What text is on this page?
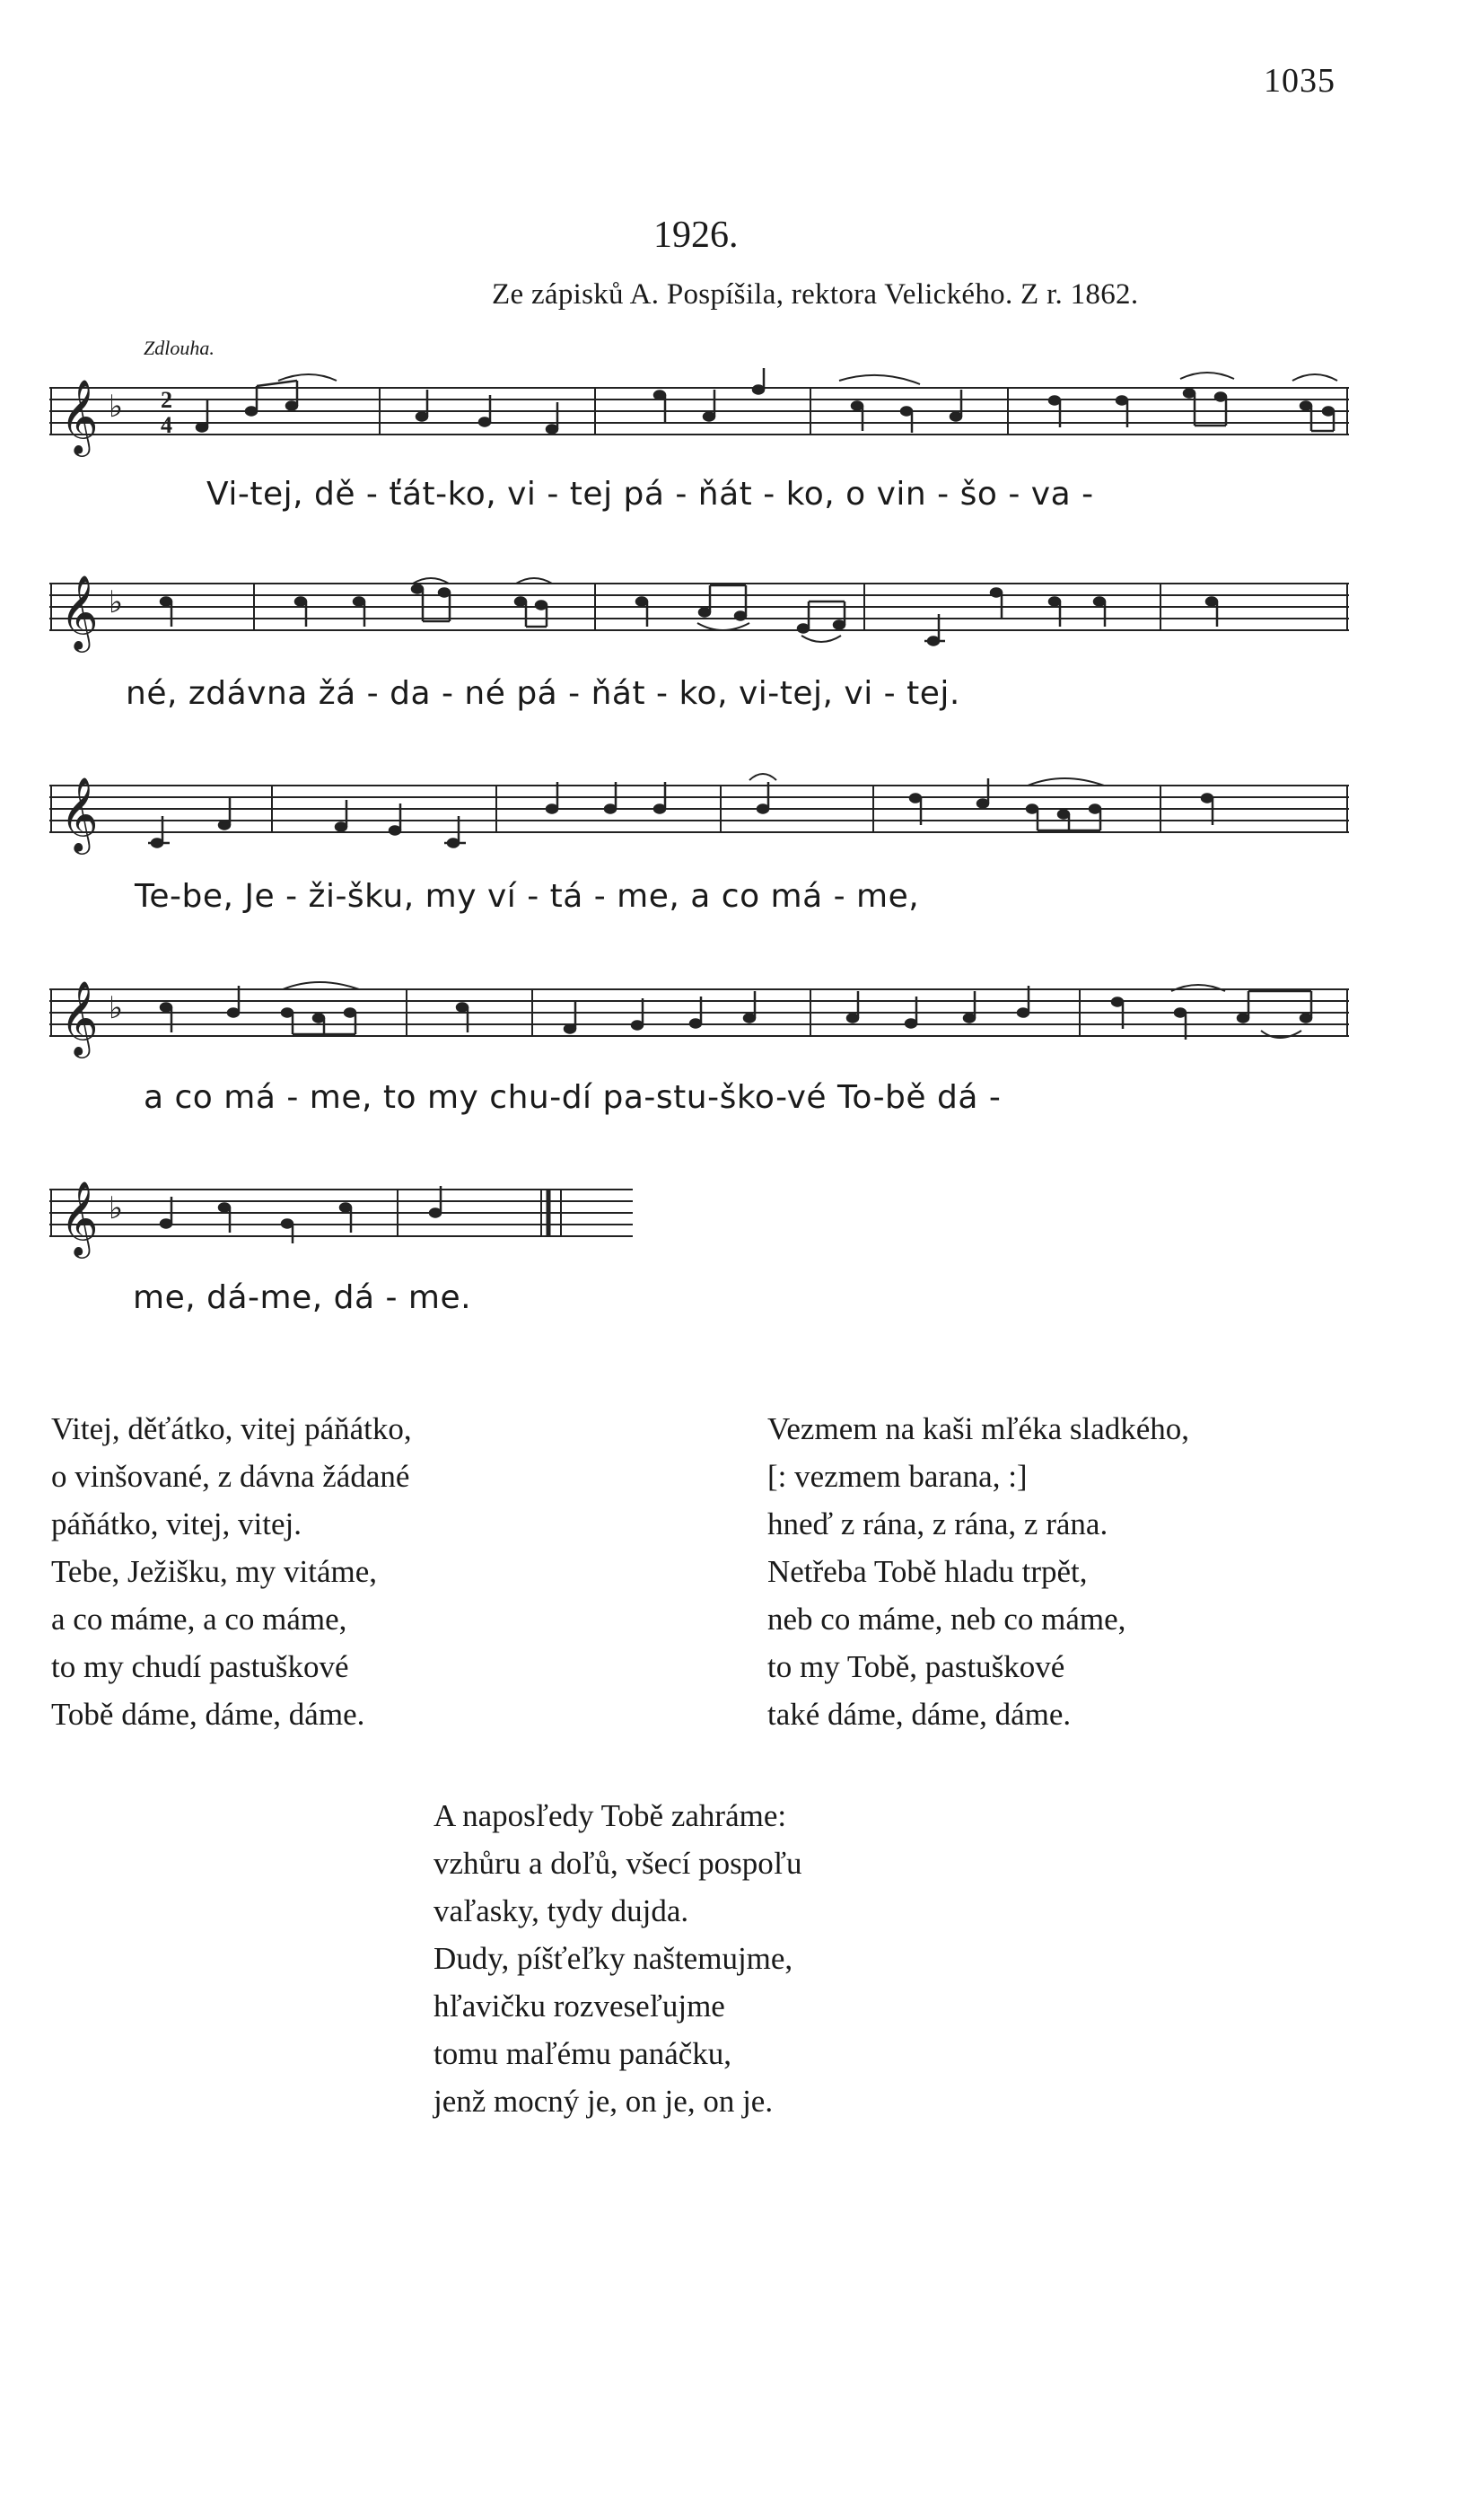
1035
1926.
Ze zápisků A. Pospíšila, rektora Velického. Z r. 1862.
Zdlouha.
𝄞 ♭ 2
4
Vi-tej, dě - ťát-ko, vi - tej pá - ňát - ko, o vin - šo - va -
𝄞 ♭
né, zdávna žá - da - né pá - ňát - ko, vi-tej, vi - tej.
𝄞
Te-be, Je - ži-šku, my ví - tá - me, a co má - me,
𝄞 ♭
a co má - me, to my chu-dí pa-stu-ško-vé To-bě dá -
𝄞 ♭
me, dá-me, dá - me.
Vitej, děťátko, vitej páňátko,
o vinšované, z dávna žádané
páňátko, vitej, vitej.
Tebe, Ježišku, my vitáme,
a co máme, a co máme,
to my chudí pastuškové
Tobě dáme, dáme, dáme.
Vezmem na kaši mľéka sladkého,
[: vezmem barana, :]
hneď z rána, z rána, z rána.
Netřeba Tobě hladu trpět,
neb co máme, neb co máme,
to my Tobě, pastuškové
také dáme, dáme, dáme.
A naposľedy Tobě zahráme:
vzhůru a doľů, všecí pospoľu
vaľasky, tydy dujda.
Dudy, píšťeľky naštemujme,
hľavičku rozveseľujme
tomu maľému panáčku,
jenž mocný je, on je, on je.
